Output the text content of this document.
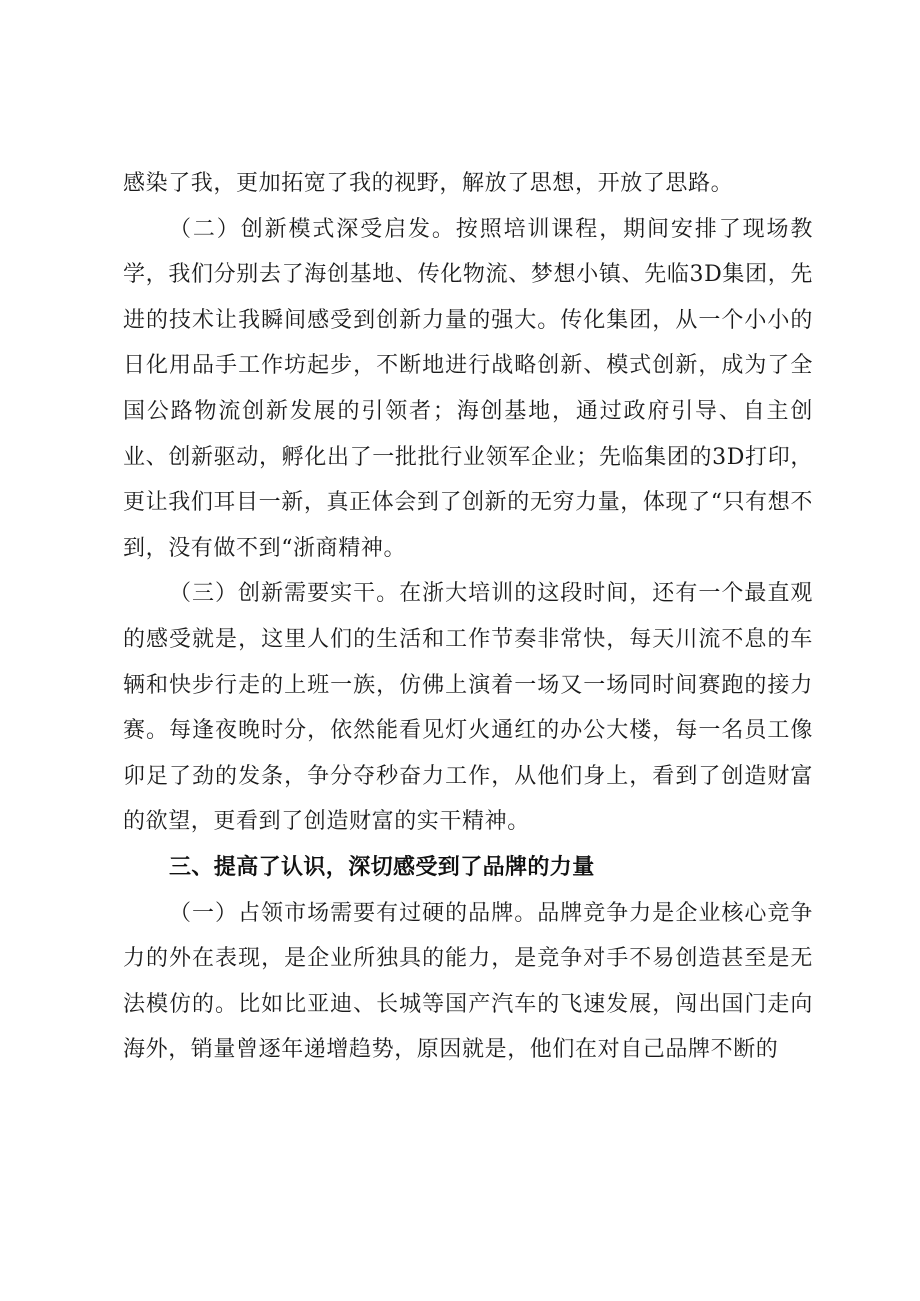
感染了我，更加拓宽了我的视野，解放了思想，开放了思路。

（二）创新模式深受启发。按照培训课程，期间安排了现场教学，我们分别去了海创基地、传化物流、梦想小镇、先临3D集团，先进的技术让我瞬间感受到创新力量的强大。传化集团，从一个小小的日化用品手工作坊起步，不断地进行战略创新、模式创新，成为了全国公路物流创新发展的引领者；海创基地，通过政府引导、自主创业、创新驱动，孵化出了一批批行业领军企业；先临集团的3D打印，更让我们耳目一新，真正体会到了创新的无穷力量，体现了“只有想不到，没有做不到“浙商精神。

（三）创新需要实干。在浙大培训的这段时间，还有一个最直观的感受就是，这里人们的生活和工作节奏非常快，每天川流不息的车辆和快步行走的上班一族，仿佛上演着一场又一场同时间赛跑的接力赛。每逢夜晚时分，依然能看见灯火通红的办公大楼，每一名员工像卯足了劲的发条，争分夺秒奋力工作，从他们身上，看到了创造财富的欲望，更看到了创造财富的实干精神。

三、提高了认识，深切感受到了品牌的力量

（一）占领市场需要有过硬的品牌。品牌竞争力是企业核心竞争力的外在表现，是企业所独具的能力，是竞争对手不易创造甚至是无法模仿的。比如比亚迪、长城等国产汽车的飞速发展，闯出国门走向海外，销量曾逐年递增趋势，原因就是，他们在对自己品牌不断的
